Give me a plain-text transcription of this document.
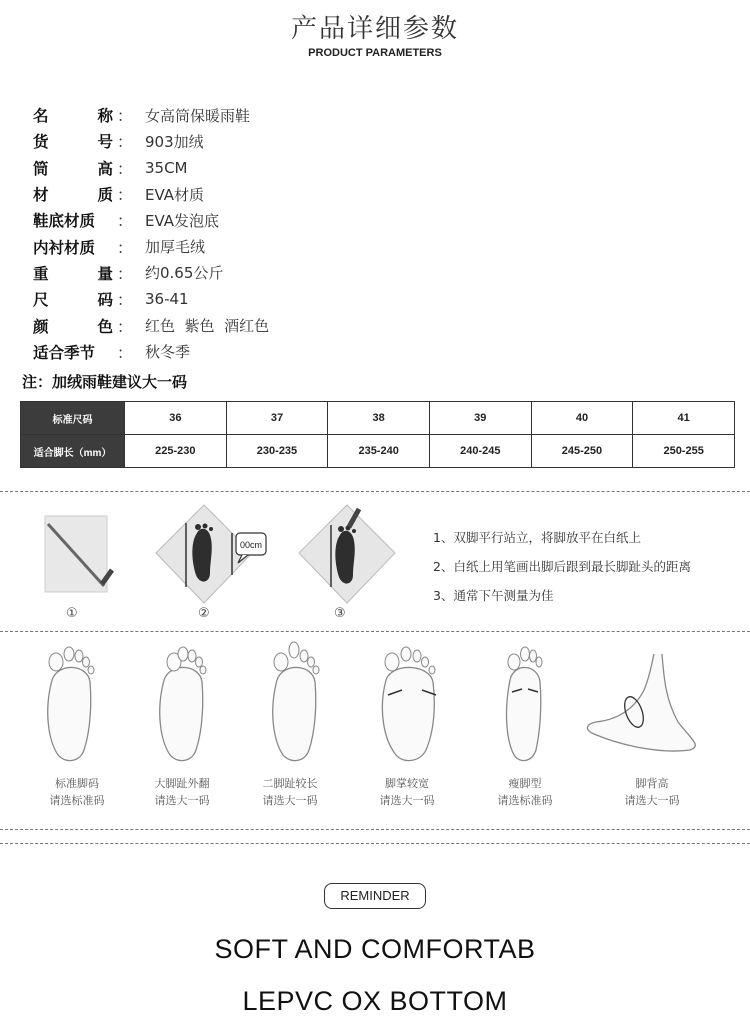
产品详细参数
PRODUCT PARAMETERS
名	称 ： 女高筒保暖雨鞋
货	号 ： 903加绒
筒	高 ： 35CM
材	质 ： EVA材质
鞋底材质	： EVA发泡底
内衬材质	： 加厚毛绒
重	量 ： 约0.65公斤
尺	码 ： 36-41
颜	色 ： 红色  紫色  酒红色
适合季节	： 秋冬季
注：加绒雨鞋建议大一码
标准尺码	36	37	38	39	40	41
适合脚长（mm）	225-230	230-235	235-240	240-245	245-250	250-255
①
00cm
②	③
1、双脚平行站立，将脚放平在白纸上
2、白纸上用笔画出脚后跟到最长脚趾头的距离
3、通常下午测量为佳
标准脚码
请选标准码
大脚趾外翻
请选大一码
二脚趾较长
请选大一码
脚掌较宽
请选大一码
瘦脚型
请选标准码
脚背高
请选大一码
REMINDER
SOFT AND COMFORTAB
LEPVC OX BOTTOM
